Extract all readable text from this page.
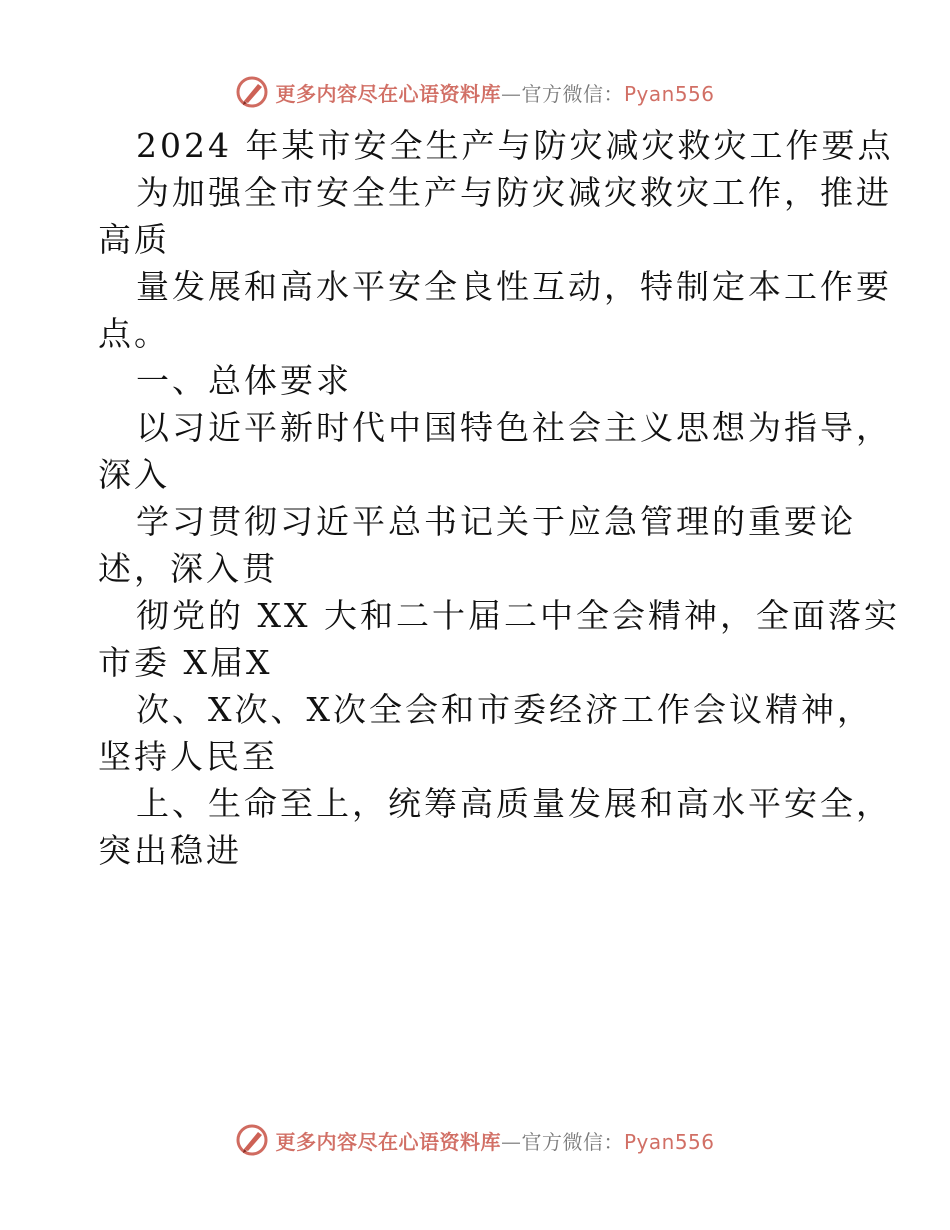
更多内容尽在心语资料库—官方微信：Pyan556
2024 年某市安全生产与防灾减灾救灾工作要点
为加强全市安全生产与防灾减灾救灾工作，推进
高质
量发展和高水平安全良性互动，特制定本工作要
点。
一、总体要求
以习近平新时代中国特色社会主义思想为指导，
深入
学习贯彻习近平总书记关于应急管理的重要论
述，深入贯
彻党的 XX 大和二十届二中全会精神，全面落实
市委 X届X
次、X次、X次全会和市委经济工作会议精神，
坚持人民至
上、生命至上，统筹高质量发展和高水平安全，
突出稳进
更多内容尽在心语资料库—官方微信：Pyan556
